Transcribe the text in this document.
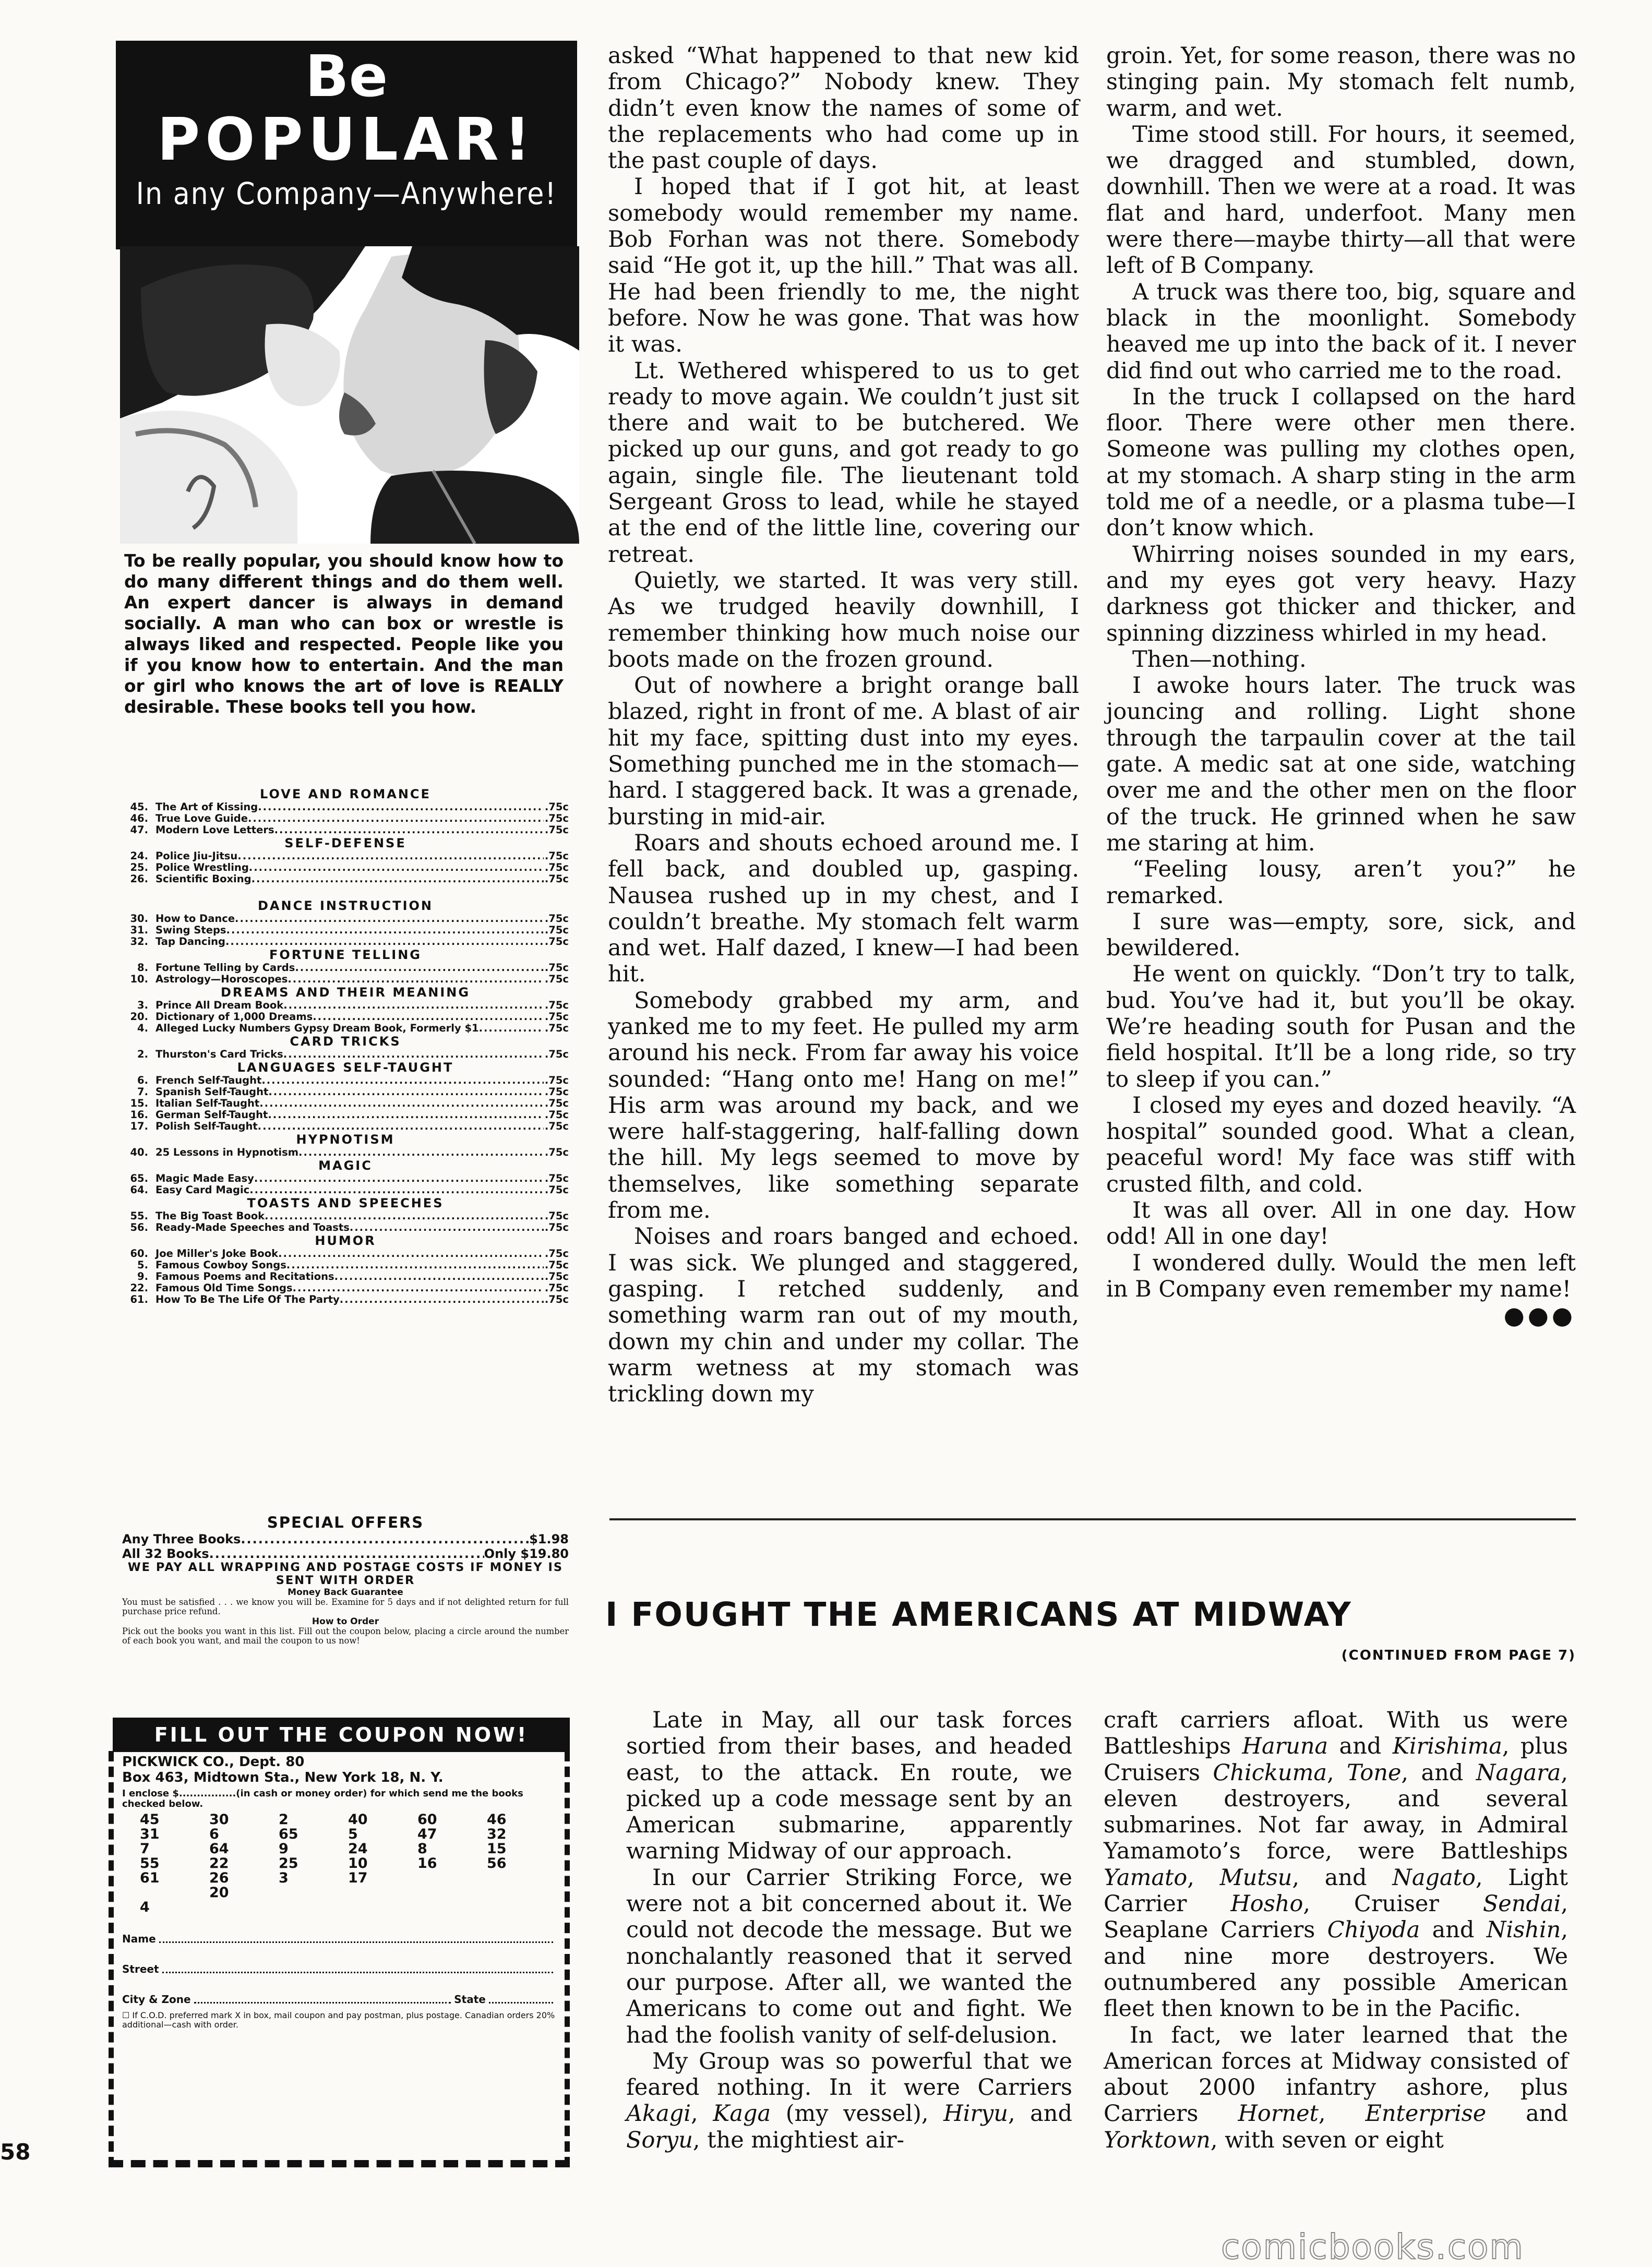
Be
POPULAR!
In any Company—Anywhere!
To be really popular, you should know how to do many different things and do them well. An expert dancer is always in demand socially. A man who can box or wrestle is always liked and respected. People like you if you know how to entertain. And the man or girl who knows the art of love is REALLY desirable. These books tell you how.
LOVE AND ROMANCE
45. The Art of Kissing .....	.75c
46. True Love Guide .....	.75c
47. Modern Love Letters .....	.75c
SELF-DEFENSE
24. Police Jiu-Jitsu .....	.75c
25. Police Wrestling .....	.75c
26. Scientific Boxing .....	.75c
DANCE INSTRUCTION
30. How to Dance .....	.75c
31. Swing Steps .....	.75c
32. Tap Dancing .....	.75c
FORTUNE TELLING
8. Fortune Telling by Cards .....	.75c
10. Astrology—Horoscopes .....	.75c
DREAMS AND THEIR MEANING
3. Prince All Dream Book .....	.75c
20. Dictionary of 1,000 Dreams .....	.75c
4. Alleged Lucky Numbers Gypsy Dream Book, Formerly $1 .....	.75c
CARD TRICKS
2. Thurston's Card Tricks .....	.75c
LANGUAGES SELF-TAUGHT
6. French Self-Taught .....	.75c
7. Spanish Self-Taught .....	.75c
15. Italian Self-Taught .....	.75c
16. German Self-Taught .....	.75c
17. Polish Self-Taught .....	.75c
HYPNOTISM
40. 25 Lessons in Hypnotism .....	.75c
MAGIC
65. Magic Made Easy .....	.75c
64. Easy Card Magic .....	.75c
TOASTS AND SPEECHES
55. The Big Toast Book .....	.75c
56. Ready-Made Speeches and Toasts .....	.75c
HUMOR
60. Joe Miller's Joke Book .....	.75c
5. Famous Cowboy Songs .....	.75c
9. Famous Poems and Recitations .....	.75c
22. Famous Old Time Songs .....	.75c
61. How To Be The Life Of The Party .....	.75c
SPECIAL OFFERS
Any Three Books .....	$1.98
All 32 Books .....	Only $19.80
WE PAY ALL WRAPPING AND POSTAGE COSTS IF MONEY IS SENT WITH ORDER
Money Back Guarantee
You must be satisfied . . . we know you will be. Examine for 5 days and if not delighted return for full purchase price refund.
How to Order
Pick out the books you want in this list. Fill out the coupon below, placing a circle around the number of each book you want, and mail the coupon to us now!
FILL OUT THE COUPON NOW!
PICKWICK CO., Dept. 80
Box 463, Midtown Sta., New York 18, N. Y.
I enclose $................(in cash or money order) for which send me the books checked below.
45	30	2	40	60	46
31	6	65	5	47	32
7	64	9	24	8	15
55	22	25	10	16	56
61	26	3	17
20
4
Name
Street
City & Zone	State
☐ If C.O.D. preferred mark X in box, mail coupon and pay postman, plus postage. Canadian orders 20% additional—cash with order.
58

asked “What happened to that new kid from Chicago?” Nobody knew. They didn’t even know the names of some of the replacements who had come up in the past couple of days.

I hoped that if I got hit, at least somebody would remember my name. Bob Forhan was not there. Somebody said “He got it, up the hill.” That was all. He had been friendly to me, the night before. Now he was gone. That was how it was.

Lt. Wethered whispered to us to get ready to move again. We couldn’t just sit there and wait to be butchered. We picked up our guns, and got ready to go again, single file. The lieutenant told Sergeant Gross to lead, while he stayed at the end of the little line, covering our retreat.

Quietly, we started. It was very still. As we trudged heavily downhill, I remember thinking how much noise our boots made on the frozen ground.

Out of nowhere a bright orange ball blazed, right in front of me. A blast of air hit my face, spitting dust into my eyes. Something punched me in the stomach—hard. I staggered back. It was a grenade, bursting in mid-air.

Roars and shouts echoed around me. I fell back, and doubled up, gasping. Nausea rushed up in my chest, and I couldn’t breathe. My stomach felt warm and wet. Half dazed, I knew—I had been hit.

Somebody grabbed my arm, and yanked me to my feet. He pulled my arm around his neck. From far away his voice sounded: “Hang onto me! Hang on me!” His arm was around my back, and we were half-staggering, half-falling down the hill. My legs seemed to move by themselves, like something separate from me.

Noises and roars banged and echoed. I was sick. We plunged and staggered, gasping. I retched suddenly, and something warm ran out of my mouth, down my chin and under my collar. The warm wetness at my stomach was trickling down my

groin. Yet, for some reason, there was no stinging pain. My stomach felt numb, warm, and wet.

Time stood still. For hours, it seemed, we dragged and stumbled, down, downhill. Then we were at a road. It was flat and hard, underfoot. Many men were there—maybe thirty—all that were left of B Company.

A truck was there too, big, square and black in the moonlight. Somebody heaved me up into the back of it. I never did find out who carried me to the road.

In the truck I collapsed on the hard floor. There were other men there. Someone was pulling my clothes open, at my stomach. A sharp sting in the arm told me of a needle, or a plasma tube—I don’t know which.

Whirring noises sounded in my ears, and my eyes got very heavy. Hazy darkness got thicker and thicker, and spinning dizziness whirled in my head.

Then—nothing.

I awoke hours later. The truck was jouncing and rolling. Light shone through the tarpaulin cover at the tail gate. A medic sat at one side, watching over me and the other men on the floor of the truck. He grinned when he saw me staring at him.

“Feeling lousy, aren’t you?” he remarked.

I sure was—empty, sore, sick, and bewildered.

He went on quickly. “Don’t try to talk, bud. You’ve had it, but you’ll be okay. We’re heading south for Pusan and the field hospital. It’ll be a long ride, so try to sleep if you can.”

I closed my eyes and dozed heavily. “A hospital” sounded good. What a clean, peaceful word! My face was stiff with crusted filth, and cold.

It was all over. All in one day. How odd! All in one day!

I wondered dully. Would the men left in B Company even remember my name!
●●●

I FOUGHT THE AMERICANS AT MIDWAY
(CONTINUED FROM PAGE 7)

Late in May, all our task forces sortied from their bases, and headed east, to the attack. En route, we picked up a code message sent by an American submarine, apparently warning Midway of our approach.

In our Carrier Striking Force, we were not a bit concerned about it. We could not decode the message. But we nonchalantly reasoned that it served our purpose. After all, we wanted the Americans to come out and fight. We had the foolish vanity of self-delusion.

My Group was so powerful that we feared nothing. In it were Carriers Akagi, Kaga (my vessel), Hiryu, and Soryu, the mightiest air-

craft carriers afloat. With us were Battleships Haruna and Kirishima, plus Cruisers Chickuma, Tone, and Nagara, eleven destroyers, and several submarines. Not far away, in Admiral Yamamoto’s force, were Battleships Yamato, Mutsu, and Nagato, Light Carrier Hosho, Cruiser Sendai, Seaplane Carriers Chiyoda and Nishin, and nine more destroyers. We outnumbered any possible American fleet then known to be in the Pacific.

In fact, we later learned that the American forces at Midway consisted of about 2000 infantry ashore, plus Carriers Hornet, Enterprise and Yorktown, with seven or eight

comicbooks.com
